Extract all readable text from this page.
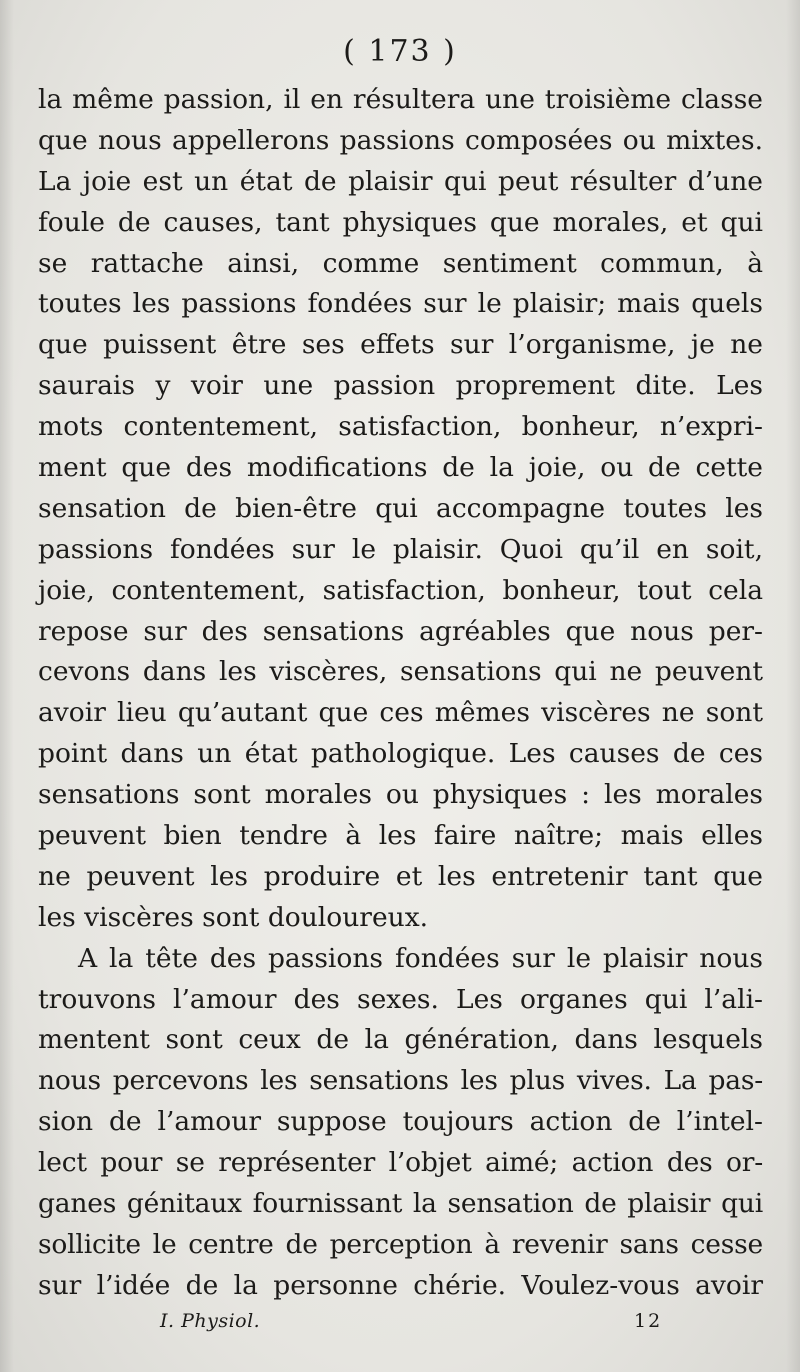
( 173 )
la même passion, il en résultera une troisième classe
que nous appellerons passions composées ou mixtes.
La joie est un état de plaisir qui peut résulter d’une
foule de causes, tant physiques que morales, et qui
se rattache ainsi, comme sentiment commun, à
toutes les passions fondées sur le plaisir; mais quels
que puissent être ses effets sur l’organisme, je ne
saurais y voir une passion proprement dite. Les
mots contentement, satisfaction, bonheur, n’expri-
ment que des modifications de la joie, ou de cette
sensation de bien-être qui accompagne toutes les
passions fondées sur le plaisir. Quoi qu’il en soit,
joie, contentement, satisfaction, bonheur, tout cela
repose sur des sensations agréables que nous per-
cevons dans les viscères, sensations qui ne peuvent
avoir lieu qu’autant que ces mêmes viscères ne sont
point dans un état pathologique. Les causes de ces
sensations sont morales ou physiques : les morales
peuvent bien tendre à les faire naître; mais elles
ne peuvent les produire et les entretenir tant que
les viscères sont douloureux.
A la tête des passions fondées sur le plaisir nous
trouvons l’amour des sexes. Les organes qui l’ali-
mentent sont ceux de la génération, dans lesquels
nous percevons les sensations les plus vives. La pas-
sion de l’amour suppose toujours action de l’intel-
lect pour se représenter l’objet aimé; action des or-
ganes génitaux fournissant la sensation de plaisir qui
sollicite le centre de perception à revenir sans cesse
sur l’idée de la personne chérie. Voulez-vous avoir
I. Physiol.	12
